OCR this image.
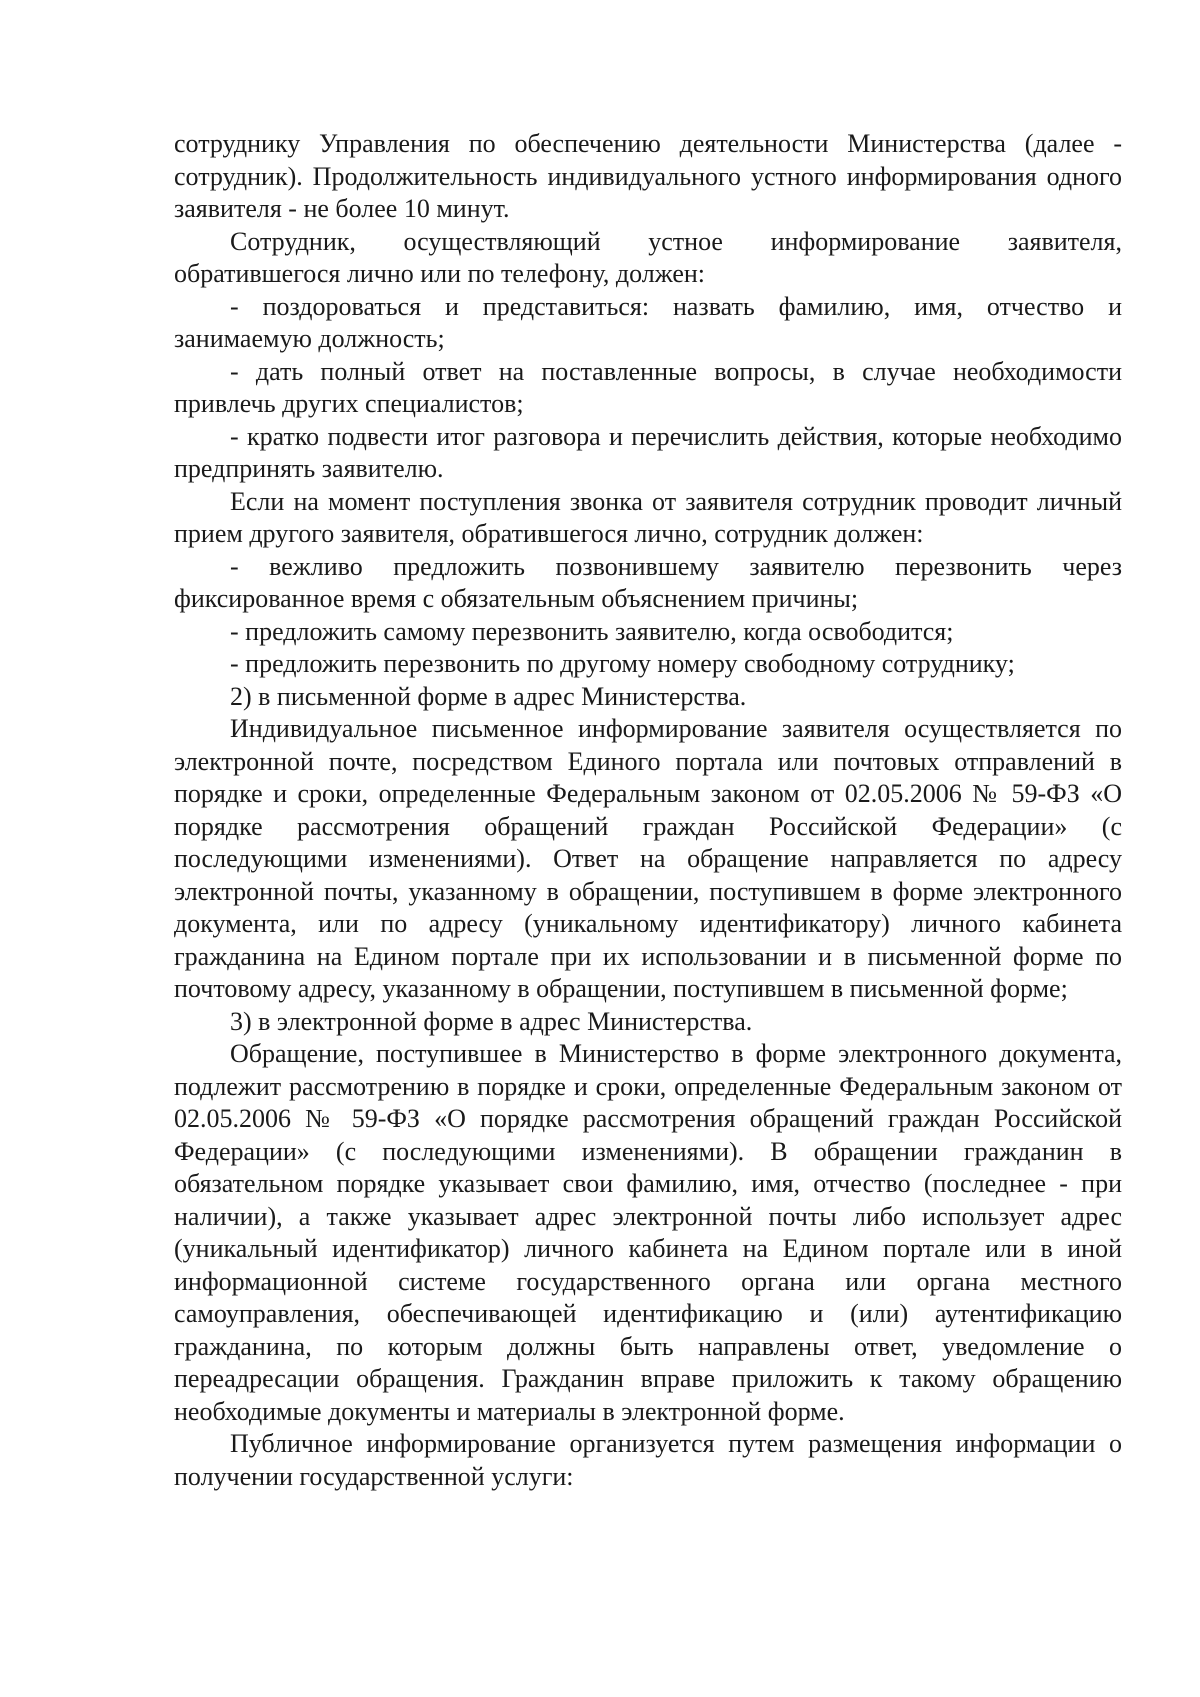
сотруднику Управления по обеспечению деятельности Министерства (далее - сотрудник). Продолжительность индивидуального устного информирования одного заявителя - не более 10 минут.

Сотрудник, осуществляющий устное информирование заявителя, обратившегося лично или по телефону, должен:

- поздороваться и представиться: назвать фамилию, имя, отчество и занимаемую должность;

- дать полный ответ на поставленные вопросы, в случае необходимости привлечь других специалистов;

- кратко подвести итог разговора и перечислить действия, которые необходимо предпринять заявителю.

Если на момент поступления звонка от заявителя сотрудник проводит личный прием другого заявителя, обратившегося лично, сотрудник должен:

- вежливо предложить позвонившему заявителю перезвонить через фиксированное время с обязательным объяснением причины;

- предложить самому перезвонить заявителю, когда освободится;

- предложить перезвонить по другому номеру свободному сотруднику;

2) в письменной форме в адрес Министерства.

Индивидуальное письменное информирование заявителя осуществляется по электронной почте, посредством Единого портала или почтовых отправлений в порядке и сроки, определенные Федеральным законом от 02.05.2006 № 59-ФЗ «О порядке рассмотрения обращений граждан Российской Федерации» (с последующими изменениями). Ответ на обращение направляется по адресу электронной почты, указанному в обращении, поступившем в форме электронного документа, или по адресу (уникальному идентификатору) личного кабинета гражданина на Едином портале при их использовании и в письменной форме по почтовому адресу, указанному в обращении, поступившем в письменной форме;

3) в электронной форме в адрес Министерства.

Обращение, поступившее в Министерство в форме электронного документа, подлежит рассмотрению в порядке и сроки, определенные Федеральным законом от 02.05.2006 № 59-ФЗ «О порядке рассмотрения обращений граждан Российской Федерации» (с последующими изменениями). В обращении гражданин в обязательном порядке указывает свои фамилию, имя, отчество (последнее - при наличии), а также указывает адрес электронной почты либо использует адрес (уникальный идентификатор) личного кабинета на Едином портале или в иной информационной системе государственного органа или органа местного самоуправления, обеспечивающей идентификацию и (или) аутентификацию гражданина, по которым должны быть направлены ответ, уведомление о переадресации обращения. Гражданин вправе приложить к такому обращению необходимые документы и материалы в электронной форме.

Публичное информирование организуется путем размещения информации о получении государственной услуги:
